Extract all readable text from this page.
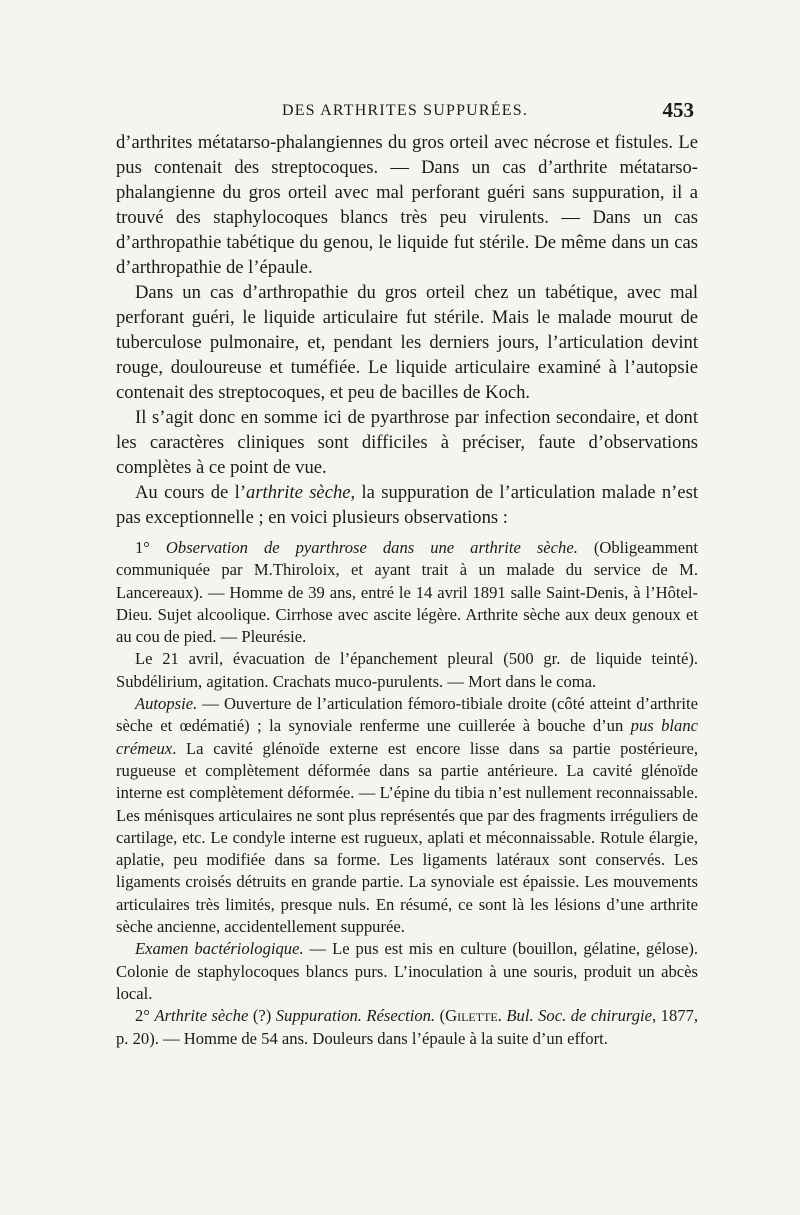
DES ARTHRITES SUPPURÉES.	453

d’arthrites métatarso-phalangiennes du gros orteil avec nécrose et fistules. Le pus contenait des streptocoques. — Dans un cas d’arthrite métatarso-phalangienne du gros orteil avec mal perforant guéri sans suppuration, il a trouvé des staphylocoques blancs très peu virulents. — Dans un cas d’arthropathie tabétique du genou, le liquide fut stérile. De même dans un cas d’arthropathie de l’épaule.

Dans un cas d’arthropathie du gros orteil chez un tabétique, avec mal perforant guéri, le liquide articulaire fut stérile. Mais le malade mourut de tuberculose pulmonaire, et, pendant les derniers jours, l’articulation devint rouge, douloureuse et tuméfiée. Le liquide articulaire examiné à l’autopsie contenait des streptocoques, et peu de bacilles de Koch.

Il s’agit donc en somme ici de pyarthrose par infection secondaire, et dont les caractères cliniques sont difficiles à préciser, faute d’observations complètes à ce point de vue.

Au cours de l’arthrite sèche, la suppuration de l’articulation malade n’est pas exceptionnelle ; en voici plusieurs observations :

1° Observation de pyarthrose dans une arthrite sèche. (Obligeamment communiquée par M.Thiroloix, et ayant trait à un malade du service de M. Lancereaux). — Homme de 39 ans, entré le 14 avril 1891 salle Saint-Denis, à l’Hôtel-Dieu. Sujet alcoolique. Cirrhose avec ascite légère. Arthrite sèche aux deux genoux et au cou de pied. — Pleurésie.

Le 21 avril, évacuation de l’épanchement pleural (500 gr. de liquide teinté). Subdélirium, agitation. Crachats muco-purulents. — Mort dans le coma.

Autopsie. — Ouverture de l’articulation fémoro-tibiale droite (côté atteint d’arthrite sèche et œdématié) ; la synoviale renferme une cuillerée à bouche d’un pus blanc crémeux. La cavité glénoïde externe est encore lisse dans sa partie postérieure, rugueuse et complètement déformée dans sa partie antérieure. La cavité glénoïde interne est complètement déformée. — L’épine du tibia n’est nullement reconnaissable. Les ménisques articulaires ne sont plus représentés que par des fragments irréguliers de cartilage, etc. Le condyle interne est rugueux, aplati et méconnaissable. Rotule élargie, aplatie, peu modifiée dans sa forme. Les ligaments latéraux sont conservés. Les ligaments croisés détruits en grande partie. La synoviale est épaissie. Les mouvements articulaires très limités, presque nuls. En résumé, ce sont là les lésions d’une arthrite sèche ancienne, accidentellement suppurée.

Examen bactériologique. — Le pus est mis en culture (bouillon, gélatine, gélose). Colonie de staphylocoques blancs purs. L’inoculation à une souris, produit un abcès local.

2° Arthrite sèche (?) Suppuration. Résection. (Gilette. Bul. Soc. de chirurgie, 1877, p. 20). — Homme de 54 ans. Douleurs dans l’épaule à la suite d’un effort.
